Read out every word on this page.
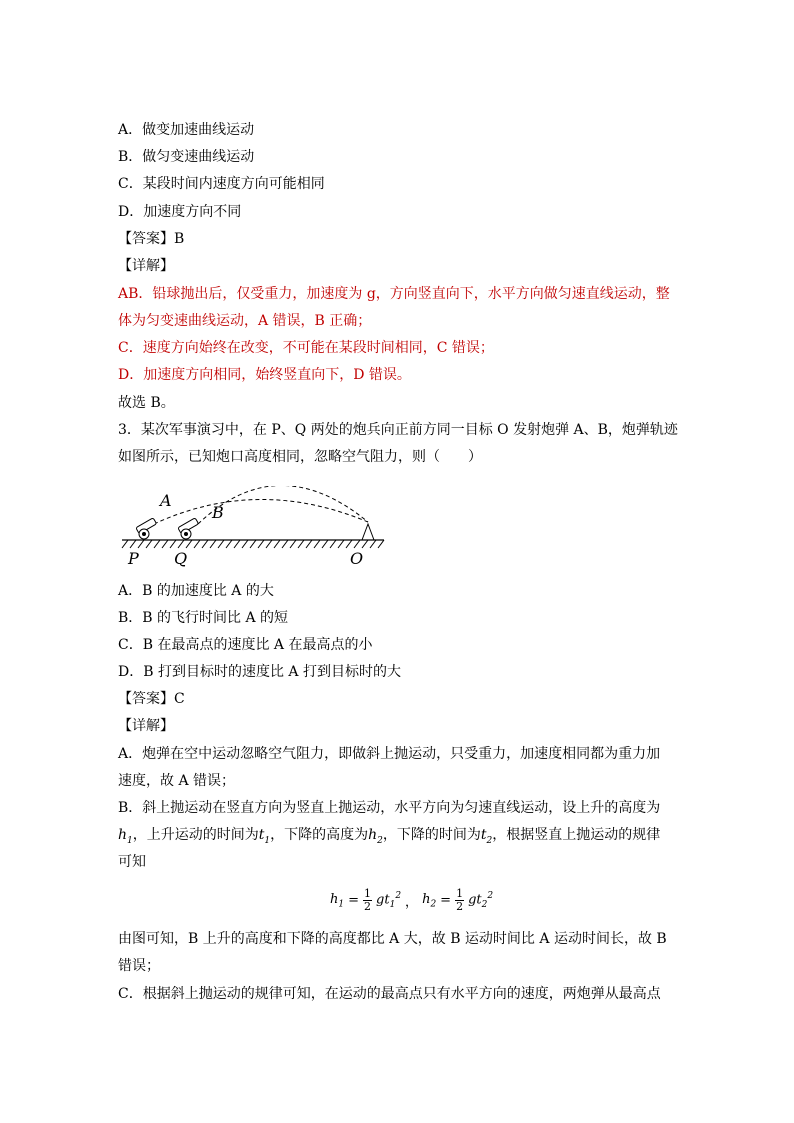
A．做变加速曲线运动
B．做匀变速曲线运动
C．某段时间内速度方向可能相同
D．加速度方向不同
【答案】B
【详解】
AB．铅球抛出后，仅受重力，加速度为 g，方向竖直向下，水平方向做匀速直线运动，整
体为匀变速曲线运动，A 错误，B 正确；
C．速度方向始终在改变，不可能在某段时间相同，C 错误；
D．加速度方向相同，始终竖直向下，D 错误。
故选 B。
3．某次军事演习中，在 P、Q 两处的炮兵向正前方同一目标 O 发射炮弹 A、B，炮弹轨迹
如图所示，已知炮口高度相同，忽略空气阻力，则（　　）
A
B
P Q	O
A．B 的加速度比 A 的大
B．B 的飞行时间比 A 的短
C．B 在最高点的速度比 A 在最高点的小
D．B 打到目标时的速度比 A 打到目标时的大
【答案】C
【详解】
A．炮弹在空中运动忽略空气阻力，即做斜上抛运动，只受重力，加速度相同都为重力加
速度，故 A 错误；
B．斜上抛运动在竖直方向为竖直上抛运动，水平方向为匀速直线运动，设上升的高度为
$h_1$，上升运动的时间为$t_1$，下降的高度为$h_2$，下降的时间为$t_2$，根据竖直上抛运动的规律
可知
$h_1 = \frac{1}{2} gt_1^2$ ， $h_2 = \frac{1}{2} gt_2^2$
由图可知，B 上升的高度和下降的高度都比 A 大，故 B 运动时间比 A 运动时间长，故 B
错误；
C．根据斜上抛运动的规律可知，在运动的最高点只有水平方向的速度，两炮弹从最高点
